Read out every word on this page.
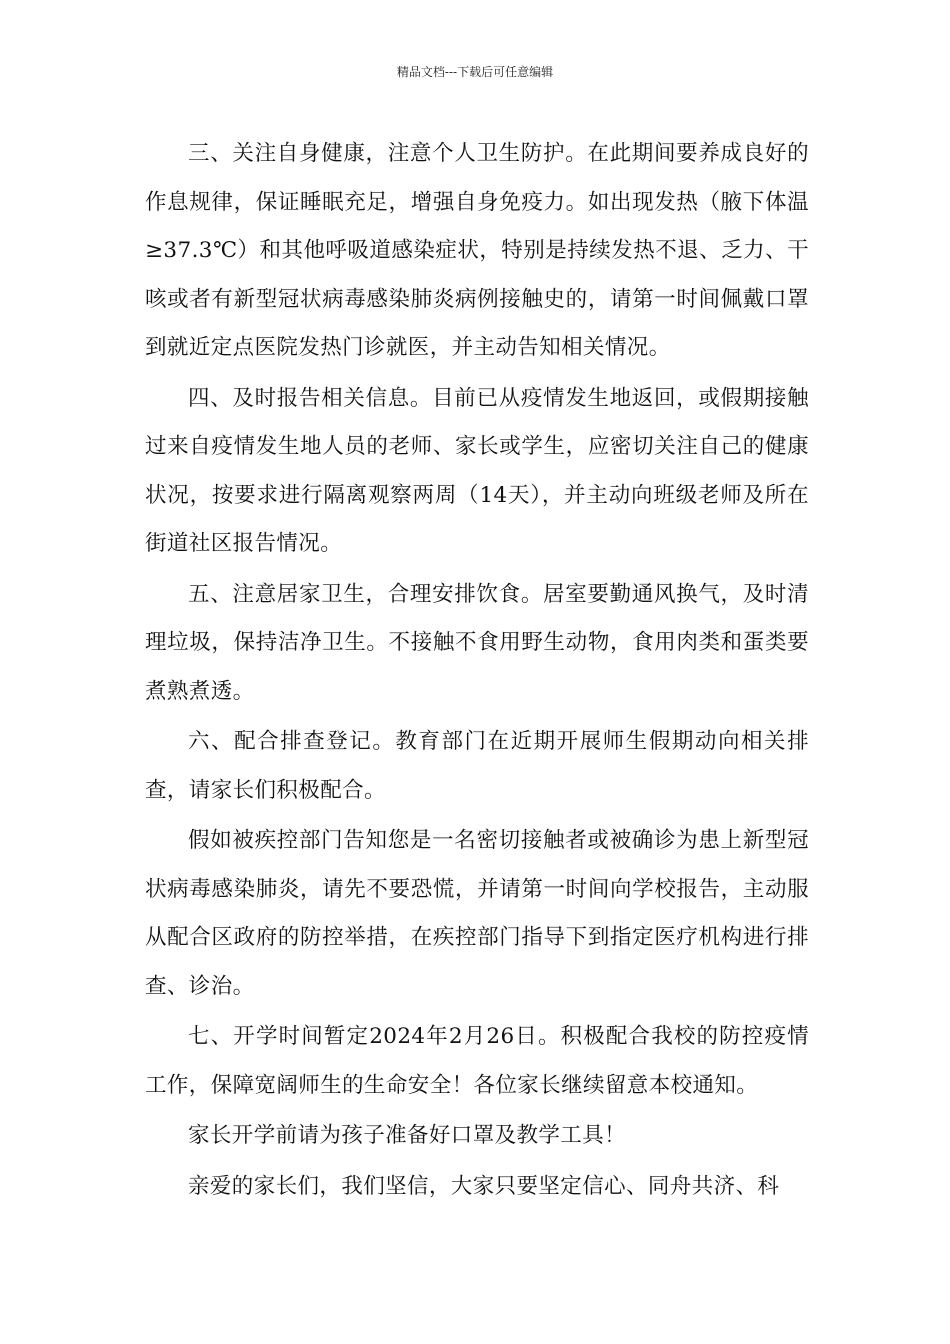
精品文档---下载后可任意编辑

三、关注自身健康，注意个人卫生防护。在此期间要养成良好的作息规律，保证睡眠充足，增强自身免疫力。如出现发热（腋下体温≥37.3℃）和其他呼吸道感染症状，特别是持续发热不退、乏力、干咳或者有新型冠状病毒感染肺炎病例接触史的，请第一时间佩戴口罩到就近定点医院发热门诊就医，并主动告知相关情况。

四、及时报告相关信息。目前已从疫情发生地返回，或假期接触过来自疫情发生地人员的老师、家长或学生，应密切关注自己的健康状况，按要求进行隔离观察两周（14天），并主动向班级老师及所在街道社区报告情况。

五、注意居家卫生，合理安排饮食。居室要勤通风换气，及时清理垃圾，保持洁净卫生。不接触不食用野生动物，食用肉类和蛋类要煮熟煮透。

六、配合排查登记。教育部门在近期开展师生假期动向相关排查，请家长们积极配合。

假如被疾控部门告知您是一名密切接触者或被确诊为患上新型冠状病毒感染肺炎，请先不要恐慌，并请第一时间向学校报告，主动服从配合区政府的防控举措，在疾控部门指导下到指定医疗机构进行排查、诊治。

七、开学时间暂定2024年2月26日。积极配合我校的防控疫情工作，保障宽阔师生的生命安全！各位家长继续留意本校通知。

家长开学前请为孩子准备好口罩及教学工具！

亲爱的家长们，我们坚信，大家只要坚定信心、同舟共济、科
